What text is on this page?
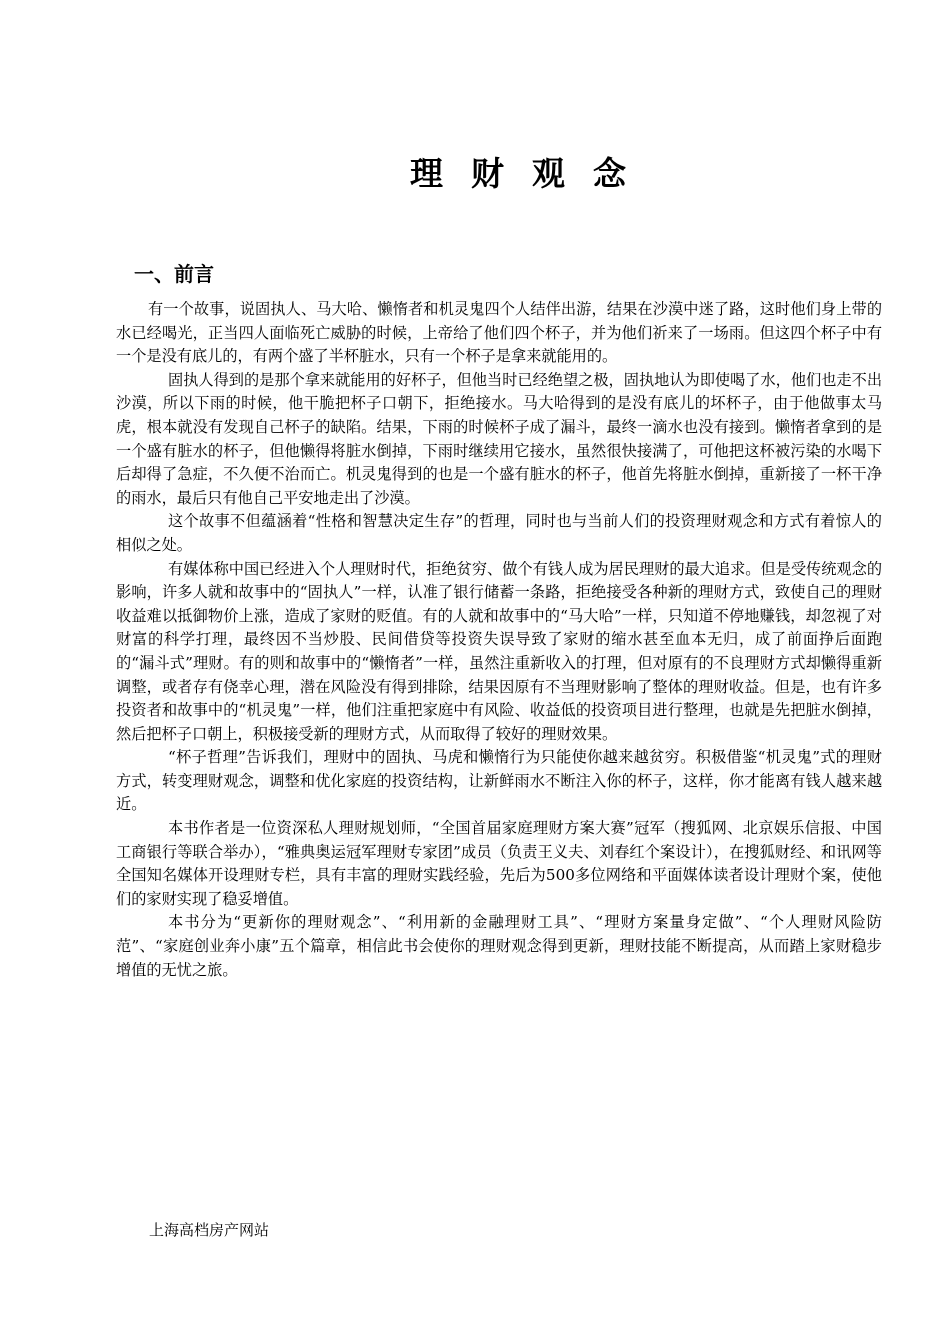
理财观念
一、前言

有一个故事，说固执人、马大哈、懒惰者和机灵鬼四个人结伴出游，结果在沙漠中迷了路，这时他们身上带的水已经喝光，正当四人面临死亡威胁的时候，上帝给了他们四个杯子，并为他们祈来了一场雨。但这四个杯子中有一个是没有底儿的，有两个盛了半杯脏水，只有一个杯子是拿来就能用的。

固执人得到的是那个拿来就能用的好杯子，但他当时已经绝望之极，固执地认为即使喝了水，他们也走不出沙漠，所以下雨的时候，他干脆把杯子口朝下，拒绝接水。马大哈得到的是没有底儿的坏杯子，由于他做事太马虎，根本就没有发现自己杯子的缺陷。结果，下雨的时候杯子成了漏斗，最终一滴水也没有接到。懒惰者拿到的是一个盛有脏水的杯子，但他懒得将脏水倒掉，下雨时继续用它接水，虽然很快接满了，可他把这杯被污染的水喝下后却得了急症，不久便不治而亡。机灵鬼得到的也是一个盛有脏水的杯子，他首先将脏水倒掉，重新接了一杯干净的雨水，最后只有他自己平安地走出了沙漠。

这个故事不但蕴涵着“性格和智慧决定生存”的哲理，同时也与当前人们的投资理财观念和方式有着惊人的相似之处。

有媒体称中国已经进入个人理财时代，拒绝贫穷、做个有钱人成为居民理财的最大追求。但是受传统观念的影响，许多人就和故事中的“固执人”一样，认准了银行储蓄一条路，拒绝接受各种新的理财方式，致使自己的理财收益难以抵御物价上涨，造成了家财的贬值。有的人就和故事中的“马大哈”一样，只知道不停地赚钱，却忽视了对财富的科学打理，最终因不当炒股、民间借贷等投资失误导致了家财的缩水甚至血本无归，成了前面挣后面跑的“漏斗式”理财。有的则和故事中的“懒惰者”一样，虽然注重新收入的打理，但对原有的不良理财方式却懒得重新调整，或者存有侥幸心理，潜在风险没有得到排除，结果因原有不当理财影响了整体的理财收益。但是，也有许多投资者和故事中的“机灵鬼”一样，他们注重把家庭中有风险、收益低的投资项目进行整理，也就是先把脏水倒掉，然后把杯子口朝上，积极接受新的理财方式，从而取得了较好的理财效果。

“杯子哲理”告诉我们，理财中的固执、马虎和懒惰行为只能使你越来越贫穷。积极借鉴“机灵鬼”式的理财方式，转变理财观念，调整和优化家庭的投资结构，让新鲜雨水不断注入你的杯子，这样，你才能离有钱人越来越近。

本书作者是一位资深私人理财规划师，“全国首届家庭理财方案大赛”冠军（搜狐网、北京娱乐信报、中国工商银行等联合举办），“雅典奥运冠军理财专家团”成员（负责王义夫、刘春红个案设计），在搜狐财经、和讯网等全国知名媒体开设理财专栏，具有丰富的理财实践经验，先后为500多位网络和平面媒体读者设计理财个案，使他们的家财实现了稳妥增值。

本书分为“更新你的理财观念”、“利用新的金融理财工具”、“理财方案量身定做”、“个人理财风险防范”、“家庭创业奔小康”五个篇章，相信此书会使你的理财观念得到更新，理财技能不断提高，从而踏上家财稳步增值的无忧之旅。

上海高档房产网站
